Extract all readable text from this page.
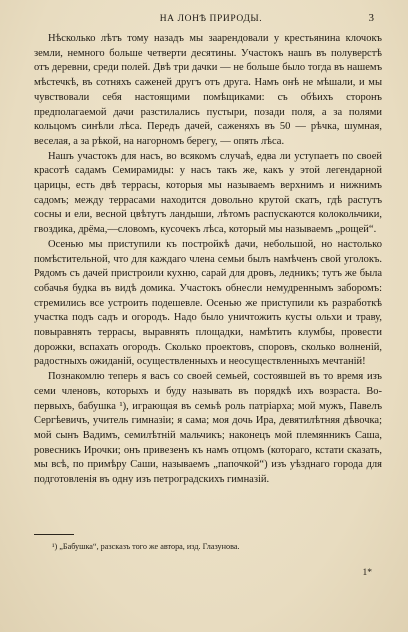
НА ЛОНѢ ПРИРОДЫ.	3

Нѣсколько лѣтъ тому назадъ мы заарендовали у крестьянина клочокъ земли, немного больше четверти десятины. Участокъ нашъ въ полуверстѣ отъ деревни, среди полей. Двѣ три дачки — не больше было тогда въ нашемъ мѣстечкѣ, въ сотняхъ саженей другъ отъ друга. Намъ онѣ не мѣшали, и мы чувствовали себя настоящими помѣщиками: съ обѣихъ сторонъ предполагаемой дачи разстилались пустыри, позади поля, а за полями кольцомъ синѣли лѣса. Передъ дачей, саженяхъ въ 50 — рѣчка, шумная, веселая, а за рѣкой, на нагорномъ берегу, — опять лѣса.

Нашъ участокъ для насъ, во всякомъ случаѣ, едва ли уступаетъ по своей красотѣ садамъ Семирамиды: у насъ такъ же, какъ у этой легендарной царицы, есть двѣ террасы, которыя мы называемъ верхнимъ и нижнимъ садомъ; между террасами находится довольно крутой скатъ, гдѣ растутъ сосны и ели, весной цвѣтутъ ландыши, лѣтомъ распускаются колокольчики, гвоздика, дрёма,—словомъ, кусочекъ лѣса, который мы называемъ „рощей“.

Осенью мы приступили къ постройкѣ дачи, небольшой, но настолько помѣстительной, что для каждаго члена семьи былъ намѣченъ свой уголокъ. Рядомъ съ дачей пристроили кухню, сарай для дровъ, ледникъ; тутъ же была собачья будка въ видѣ домика. Участокъ обнесли немудреннымъ заборомъ: стремились все устроить подешевле. Осенью же приступили къ разработкѣ участка подъ садъ и огородъ. Надо было уничтожить кусты ольхи и траву, повыравнять террасы, выравнять площадки, намѣтить клумбы, провести дорожки, вспахать огородъ. Сколько проектовъ, споровъ, сколько волненій, радостныхъ ожиданій, осуществленныхъ и неосуществленныхъ мечтаній!

Познакомлю теперь я васъ со своей семьей, состоявшей въ то время изъ семи членовъ, которыхъ и буду называть въ порядкѣ ихъ возраста. Во-первыхъ, бабушка ¹), играющая въ семьѣ роль патріарха; мой мужъ, Павелъ Сергѣевичъ, учитель гимназіи; я сама; моя дочь Ира, девятилѣтняя дѣвочка; мой сынъ Вадимъ, семилѣтній мальчикъ; наконецъ мой племянникъ Саша, ровесникъ Ирочки; онъ привезенъ къ намъ отцомъ (котораго, кстати сказать, мы всѣ, по примѣру Саши, называемъ „папочкой“) изъ уѣзднаго города для подготовленія въ одну изъ петроградскихъ гимназій.

¹) „Бабушка“, разсказъ того же автора, изд. Глазунова.
1*
